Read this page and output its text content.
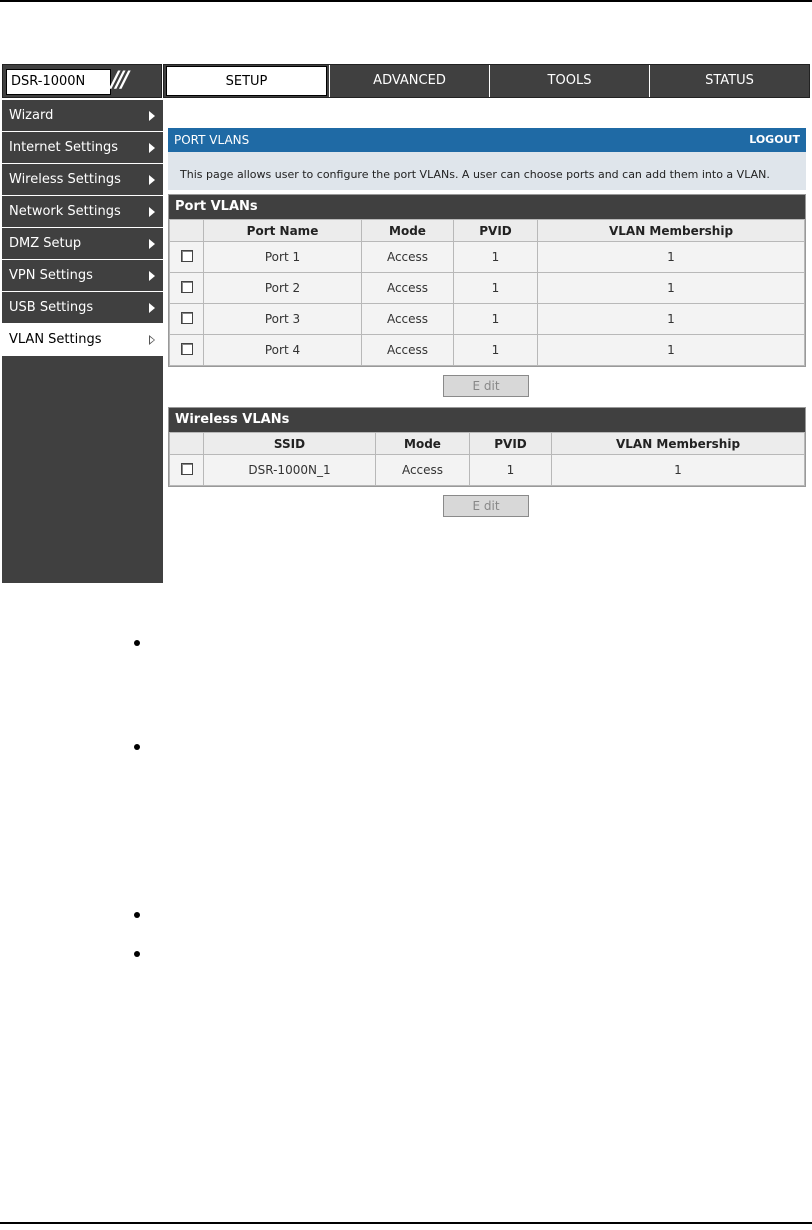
DSR-1000N	///	SETUP	ADVANCED	TOOLS	STATUS
Wizard
Internet Settings
Wireless Settings
Network Settings
DMZ Setup
VPN Settings
USB Settings
VLAN Settings
PORT VLANS	LOGOUT
This page allows user to configure the port VLANs. A user can choose ports and can add them into a VLAN.
Port VLANs
	Port Name	Mode	PVID	VLAN Membership
	Port 1	Access	1	1
	Port 2	Access	1	1
	Port 3	Access	1	1
	Port 4	Access	1	1
E dit
Wireless VLANs
	SSID	Mode	PVID	VLAN Membership
	DSR-1000N_1	Access	1	1
E dit
